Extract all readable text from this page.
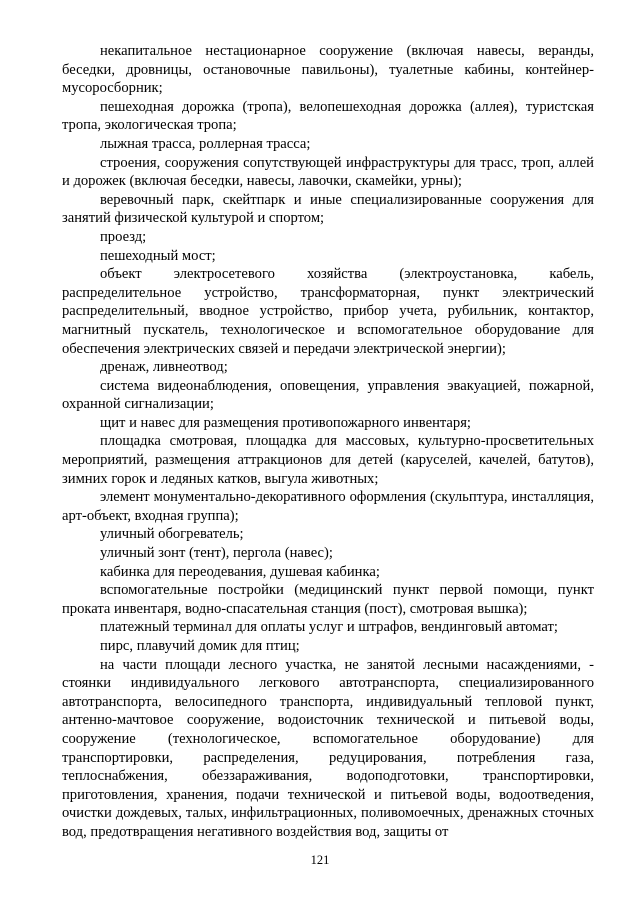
некапитальное нестационарное сооружение (включая навесы, веранды, беседки, дровницы, остановочные павильоны), туалетные кабины, контейнер-мусоросборник;

пешеходная дорожка (тропа), велопешеходная дорожка (аллея), туристская тропа, экологическая тропа;

лыжная трасса, роллерная трасса;

строения, сооружения сопутствующей инфраструктуры для трасс, троп, аллей и дорожек (включая беседки, навесы, лавочки, скамейки, урны);

веревочный парк, скейтпарк и иные специализированные сооружения для занятий физической культурой и спортом;

проезд;

пешеходный мост;

объект электросетевого хозяйства (электроустановка, кабель, распределительное устройство, трансформаторная, пункт электрический распределительный, вводное устройство, прибор учета, рубильник, контактор, магнитный пускатель, технологическое и вспомогательное оборудование для обеспечения электрических связей и передачи электрической энергии);

дренаж, ливнеотвод;

система видеонаблюдения, оповещения, управления эвакуацией, пожарной, охранной сигнализации;

щит и навес для размещения противопожарного инвентаря;

площадка смотровая, площадка для массовых, культурно-просветительных мероприятий, размещения аттракционов для детей (каруселей, качелей, батутов), зимних горок и ледяных катков, выгула животных;

элемент монументально-декоративного оформления (скульптура, инсталляция, арт-объект, входная группа);

уличный обогреватель;

уличный зонт (тент), пергола (навес);

кабинка для переодевания, душевая кабинка;

вспомогательные постройки (медицинский пункт первой помощи, пункт проката инвентаря, водно-спасательная станция (пост), смотровая вышка);

платежный терминал для оплаты услуг и штрафов, вендинговый автомат;

пирс, плавучий домик для птиц;

на части площади лесного участка, не занятой лесными насаждениями, - стоянки индивидуального легкового автотранспорта, специализированного автотранспорта, велосипедного транспорта, индивидуальный тепловой пункт, антенно-мачтовое сооружение, водоисточник технической и питьевой воды, сооружение (технологическое, вспомогательное оборудование) для транспортировки, распределения, редуцирования, потребления газа, теплоснабжения, обеззараживания, водоподготовки, транспортировки, приготовления, хранения, подачи технической и питьевой воды, водоотведения, очистки дождевых, талых, инфильтрационных, поливомоечных, дренажных сточных вод, предотвращения негативного воздействия вод, защиты от

121
